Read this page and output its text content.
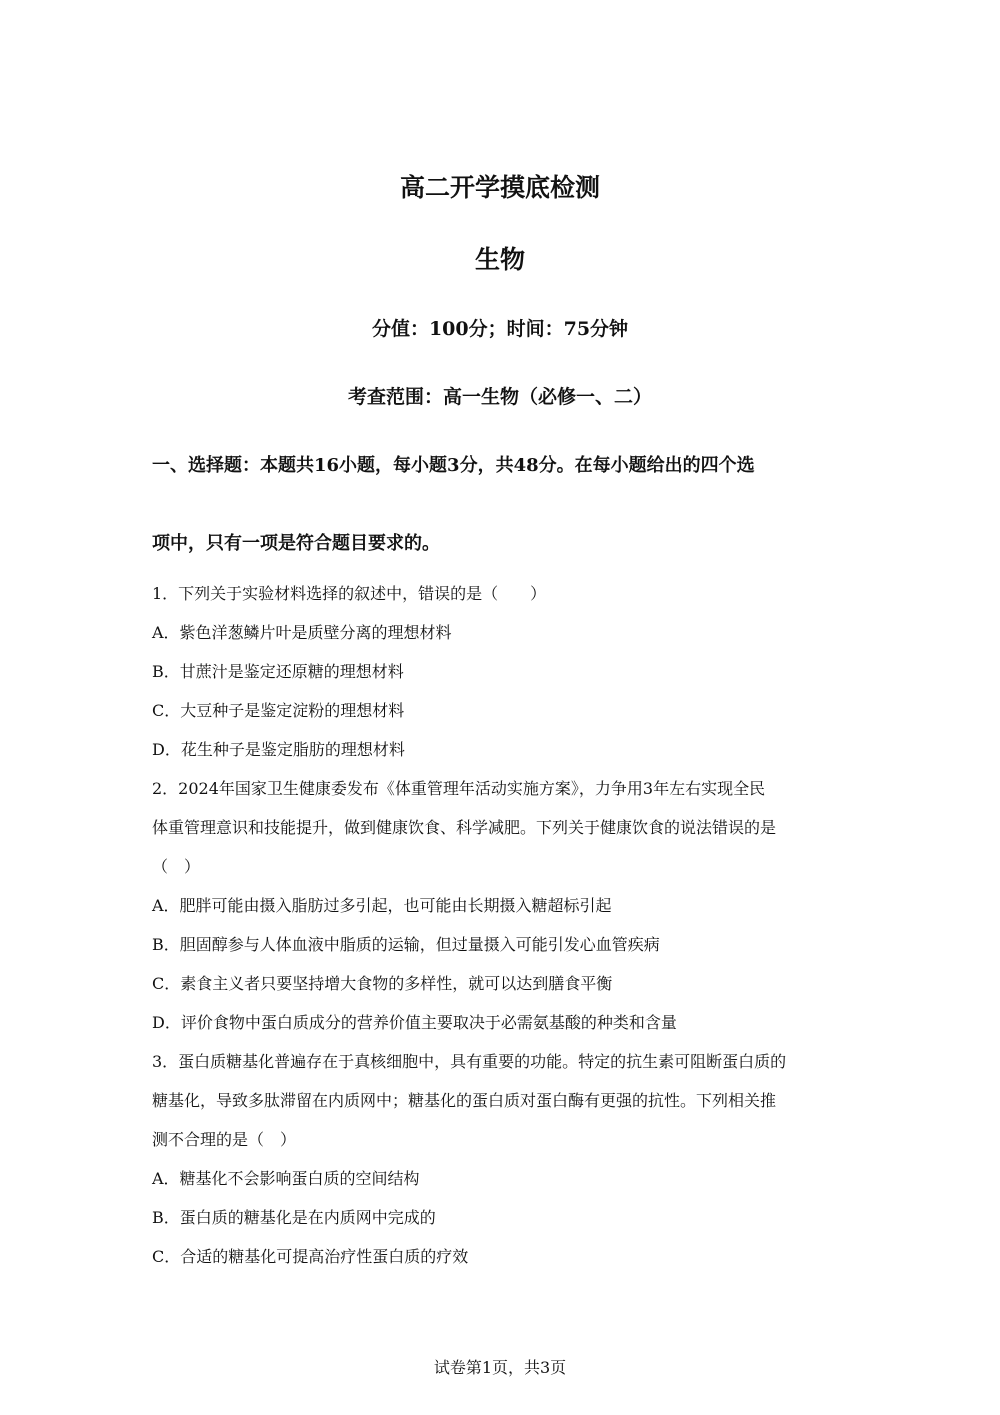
高二开学摸底检测
生物
分值：100分；时间：75分钟
考查范围：高一生物（必修一、二）
一、选择题：本题共16小题，每小题3分，共48分。在每小题给出的四个选
项中，只有一项是符合题目要求的。
1．下列关于实验材料选择的叙述中，错误的是（　　）
A．紫色洋葱鳞片叶是质壁分离的理想材料
B．甘蔗汁是鉴定还原糖的理想材料
C．大豆种子是鉴定淀粉的理想材料
D．花生种子是鉴定脂肪的理想材料
2．2024年国家卫生健康委发布《体重管理年活动实施方案》，力争用3年左右实现全民
体重管理意识和技能提升，做到健康饮食、科学减肥。下列关于健康饮食的说法错误的是
（　）
A．肥胖可能由摄入脂肪过多引起，也可能由长期摄入糖超标引起
B．胆固醇参与人体血液中脂质的运输，但过量摄入可能引发心血管疾病
C．素食主义者只要坚持增大食物的多样性，就可以达到膳食平衡
D．评价食物中蛋白质成分的营养价值主要取决于必需氨基酸的种类和含量
3．蛋白质糖基化普遍存在于真核细胞中，具有重要的功能。特定的抗生素可阻断蛋白质的
糖基化，导致多肽滞留在内质网中；糖基化的蛋白质对蛋白酶有更强的抗性。下列相关推
测不合理的是（　）
A．糖基化不会影响蛋白质的空间结构
B．蛋白质的糖基化是在内质网中完成的
C．合适的糖基化可提高治疗性蛋白质的疗效
试卷第1页，共3页
